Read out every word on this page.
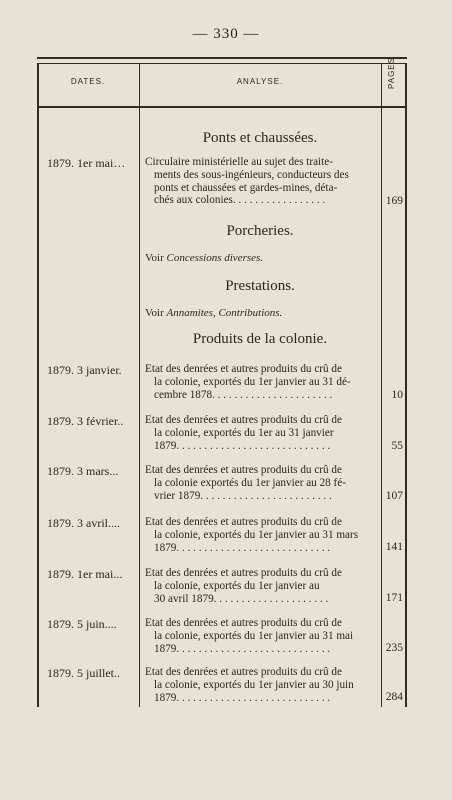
— 330 —
DATES.	ANALYSE.	PAGES
Ponts et chaussées.
1879. 1er mai…	Circulaire ministérielle au sujet des traite-
ments des sous-ingénieurs, conducteurs des
ponts et chaussées et gardes-mines, déta-
chés aux colonies. . . . . . . . . . . . . . . . .	169
Porcheries.
Voir Concessions diverses.
Prestations.
Voir Annamites, Contributions.
Produits de la colonie.
1879. 3 janvier.	Etat des denrées et autres produits du crû de
la colonie, exportés du 1er janvier au 31 dé-
cembre 1878. . . . . . . . . . . . . . . . . . . . . .	10
1879. 3 février..	Etat des denrées et autres produits du crû de
la colonie, exportés du 1er au 31 janvier
1879. . . . . . . . . . . . . . . . . . . . . . . . . . . .	55
1879. 3 mars...	Etat des denrées et autres produits du crû de
la colonie exportés du 1er janvier au 28 fé-
vrier 1879. . . . . . . . . . . . . . . . . . . . . . . .	107
1879. 3 avril....	Etat des denrées et autres produits du crû de
la colonie, exportés du 1er janvier au 31 mars
1879. . . . . . . . . . . . . . . . . . . . . . . . . . . .	141
1879. 1er mai...	Etat des denrées et autres produits du crû de
la colonie, exportés du 1er janvier au
30 avril 1879. . . . . . . . . . . . . . . . . . . . .	171
1879. 5 juin....	Etat des denrées et autres produits du crû de
la colonie, exportés du 1er janvier au 31 mai
1879. . . . . . . . . . . . . . . . . . . . . . . . . . . .	235
1879. 5 juillet..	Etat des denrées et autres produits du crû de
la colonie, exportés du 1er janvier au 30 juin
1879. . . . . . . . . . . . . . . . . . . . . . . . . . . .	284
